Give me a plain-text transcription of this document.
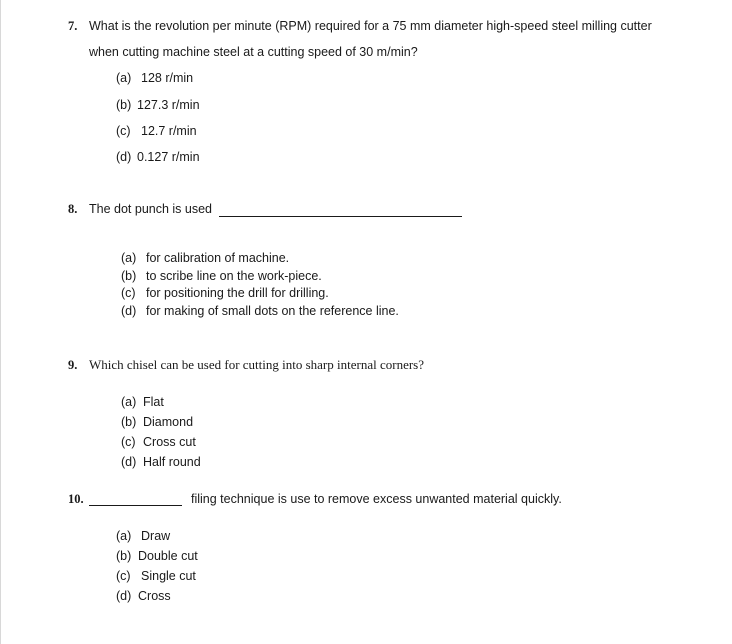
7. What is the revolution per minute (RPM) required for a 75 mm diameter high-speed steel milling cutter
when cutting machine steel at a cutting speed of 30 m/min?
(a) 128 r/min
(b) 127.3 r/min
(c) 12.7 r/min
(d) 0.127 r/min
8. The dot punch is used
(a) for calibration of machine.
(b) to scribe line on the work-piece.
(c) for positioning the drill for drilling.
(d) for making of small dots on the reference line.
9. Which chisel can be used for cutting into sharp internal corners?
(a) Flat
(b) Diamond
(c) Cross cut
(d) Half round
10.	filing technique is use to remove excess unwanted material quickly.
(a) Draw
(b) Double cut
(c) Single cut
(d) Cross
